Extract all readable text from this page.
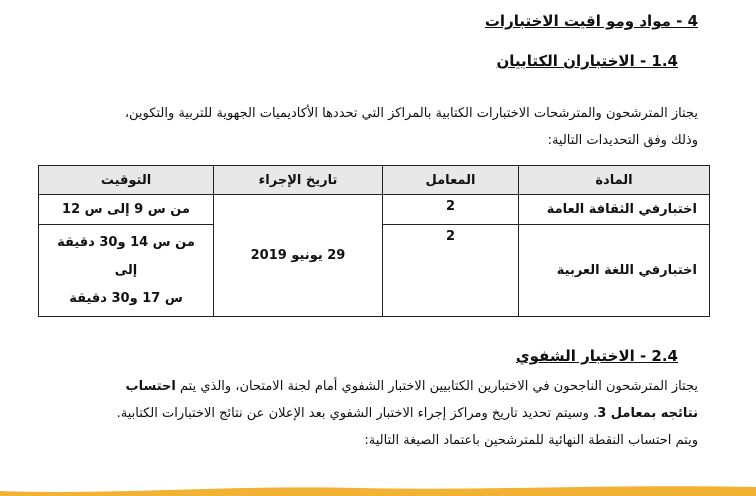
4 - مواد ومو اقيت الاختبارات
1.4 - الاختباران الكتابيان
يجتاز المترشحون والمترشحات الاختبارات الكتابية بالمراكز التي تحددها الأكاديميات الجهوية للتربية والتكوين،
وذلك وفق التحديدات التالية:
المادة	المعامل	تاريخ الإجراء	التوقيت
اختبارفي الثقافة العامة	2	29 يونيو 2019	من س 9 إلى س 12
اختبارفي اللغة العربية	2		من س 14 و30 دقيقة
إلى
س 17 و30 دقيقة
2.4 - الاختبار الشفوي
يجتاز المترشحون الناجحون في الاختبارين الكتابيين الاختبار الشفوي أمام لجنة الامتحان، والذي يتم احتساب
نتائجه بمعامل 3. وسيتم تحديد تاريخ ومراكز إجراء الاختبار الشفوي بعد الإعلان عن نتائج الاختبارات الكتابية.
ويتم احتساب النقطة النهائية للمترشحين باعتماد الصيغة التالية:
